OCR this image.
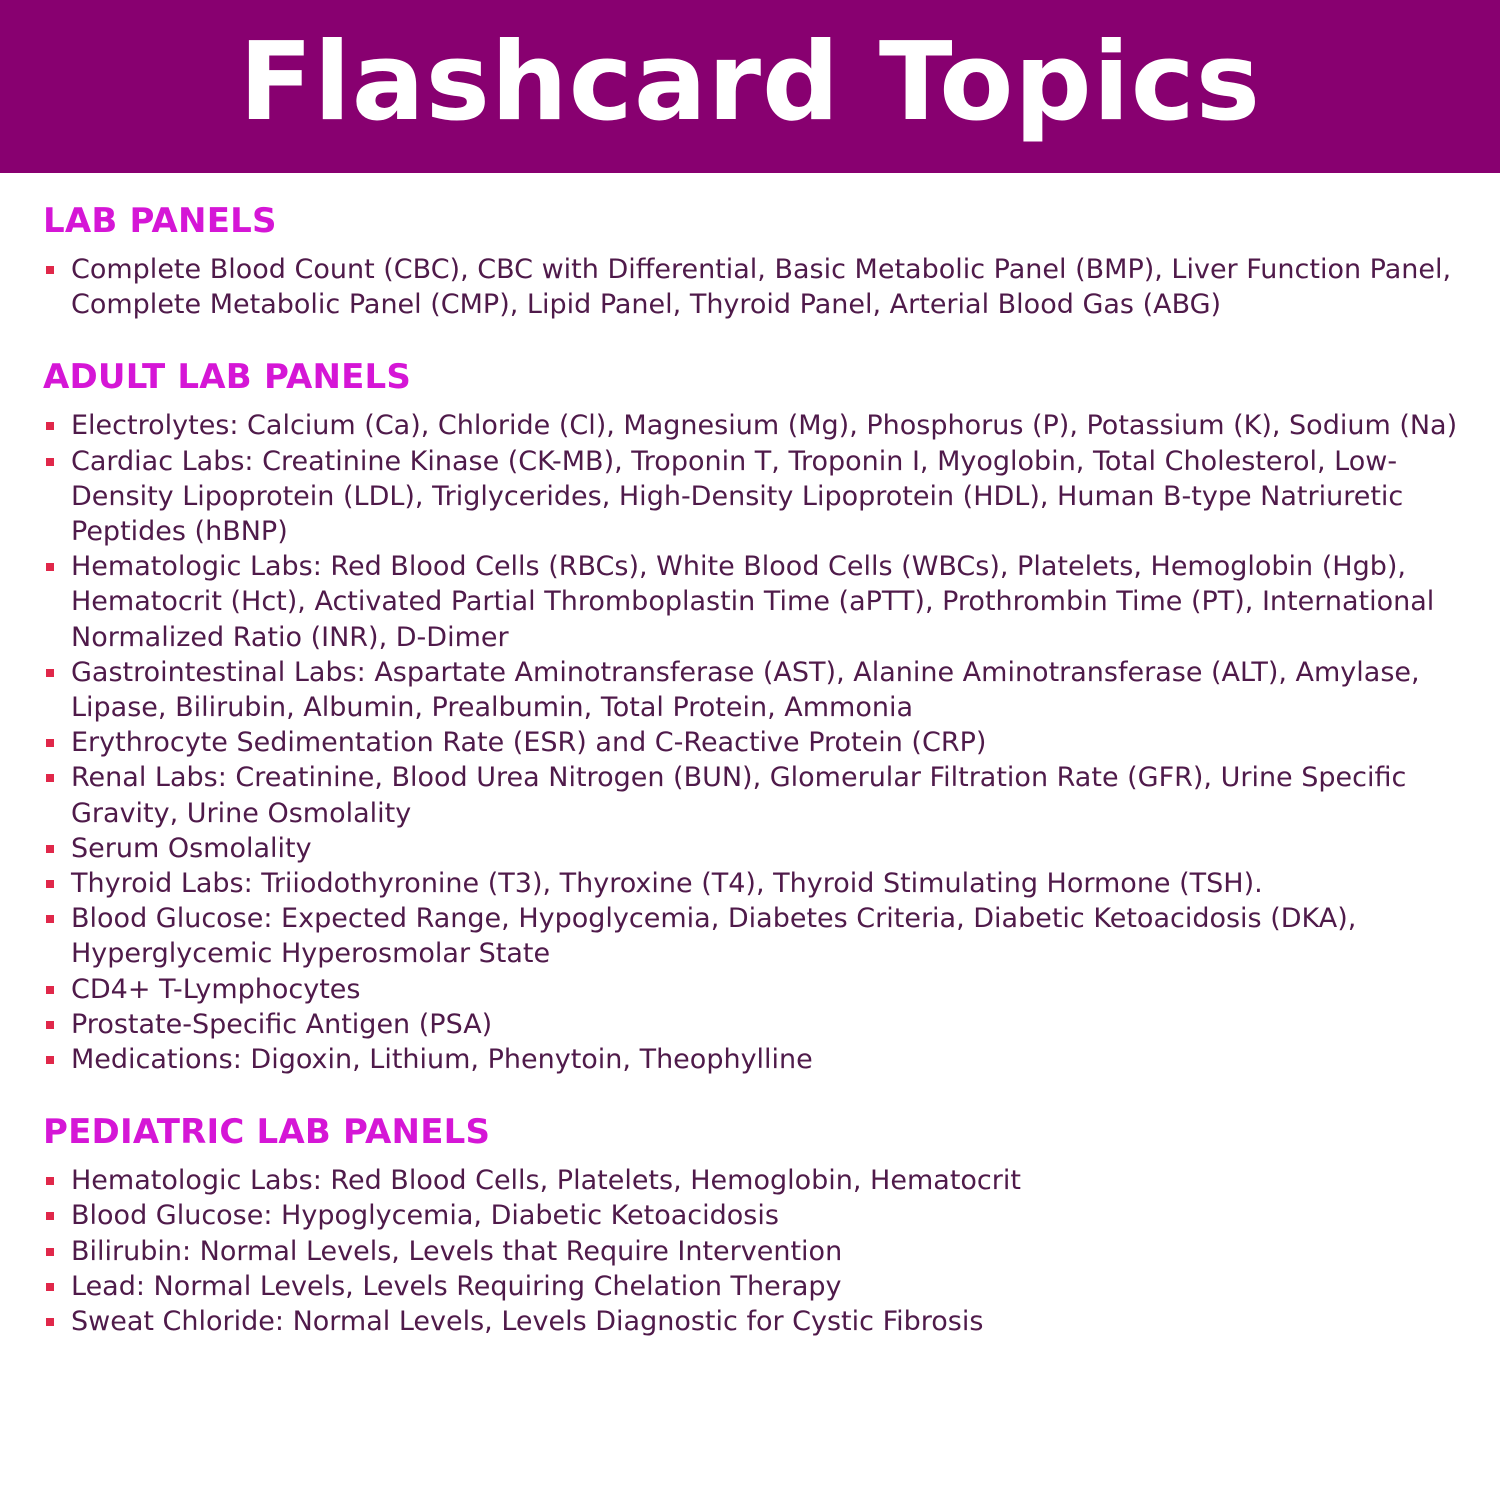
Flashcard Topics
LAB PANELS
Complete Blood Count (CBC), CBC with Differential, Basic Metabolic Panel (BMP), Liver Function Panel, Complete Metabolic Panel (CMP), Lipid Panel, Thyroid Panel, Arterial Blood Gas (ABG)
ADULT LAB PANELS
Electrolytes: Calcium (Ca), Chloride (Cl), Magnesium (Mg), Phosphorus (P), Potassium (K), Sodium (Na)
Cardiac Labs: Creatinine Kinase (CK-MB), Troponin T, Troponin I, Myoglobin, Total Cholesterol, Low-Density Lipoprotein (LDL), Triglycerides, High-Density Lipoprotein (HDL), Human B-type Natriuretic Peptides (hBNP)
Hematologic Labs: Red Blood Cells (RBCs), White Blood Cells (WBCs), Platelets, Hemoglobin (Hgb), Hematocrit (Hct), Activated Partial Thromboplastin Time (aPTT), Prothrombin Time (PT), International Normalized Ratio (INR), D-Dimer
Gastrointestinal Labs: Aspartate Aminotransferase (AST), Alanine Aminotransferase (ALT), Amylase, Lipase, Bilirubin, Albumin, Prealbumin, Total Protein, Ammonia
Erythrocyte Sedimentation Rate (ESR) and C-Reactive Protein (CRP)
Renal Labs: Creatinine, Blood Urea Nitrogen (BUN), Glomerular Filtration Rate (GFR), Urine Specific Gravity, Urine Osmolality
Serum Osmolality
Thyroid Labs: Triiodothyronine (T3), Thyroxine (T4), Thyroid Stimulating Hormone (TSH).
Blood Glucose: Expected Range, Hypoglycemia, Diabetes Criteria, Diabetic Ketoacidosis (DKA), Hyperglycemic Hyperosmolar State
CD4+ T-Lymphocytes
Prostate-Specific Antigen (PSA)
Medications: Digoxin, Lithium, Phenytoin, Theophylline
PEDIATRIC LAB PANELS
Hematologic Labs: Red Blood Cells, Platelets, Hemoglobin, Hematocrit
Blood Glucose: Hypoglycemia, Diabetic Ketoacidosis
Bilirubin: Normal Levels, Levels that Require Intervention
Lead: Normal Levels, Levels Requiring Chelation Therapy
Sweat Chloride: Normal Levels, Levels Diagnostic for Cystic Fibrosis
